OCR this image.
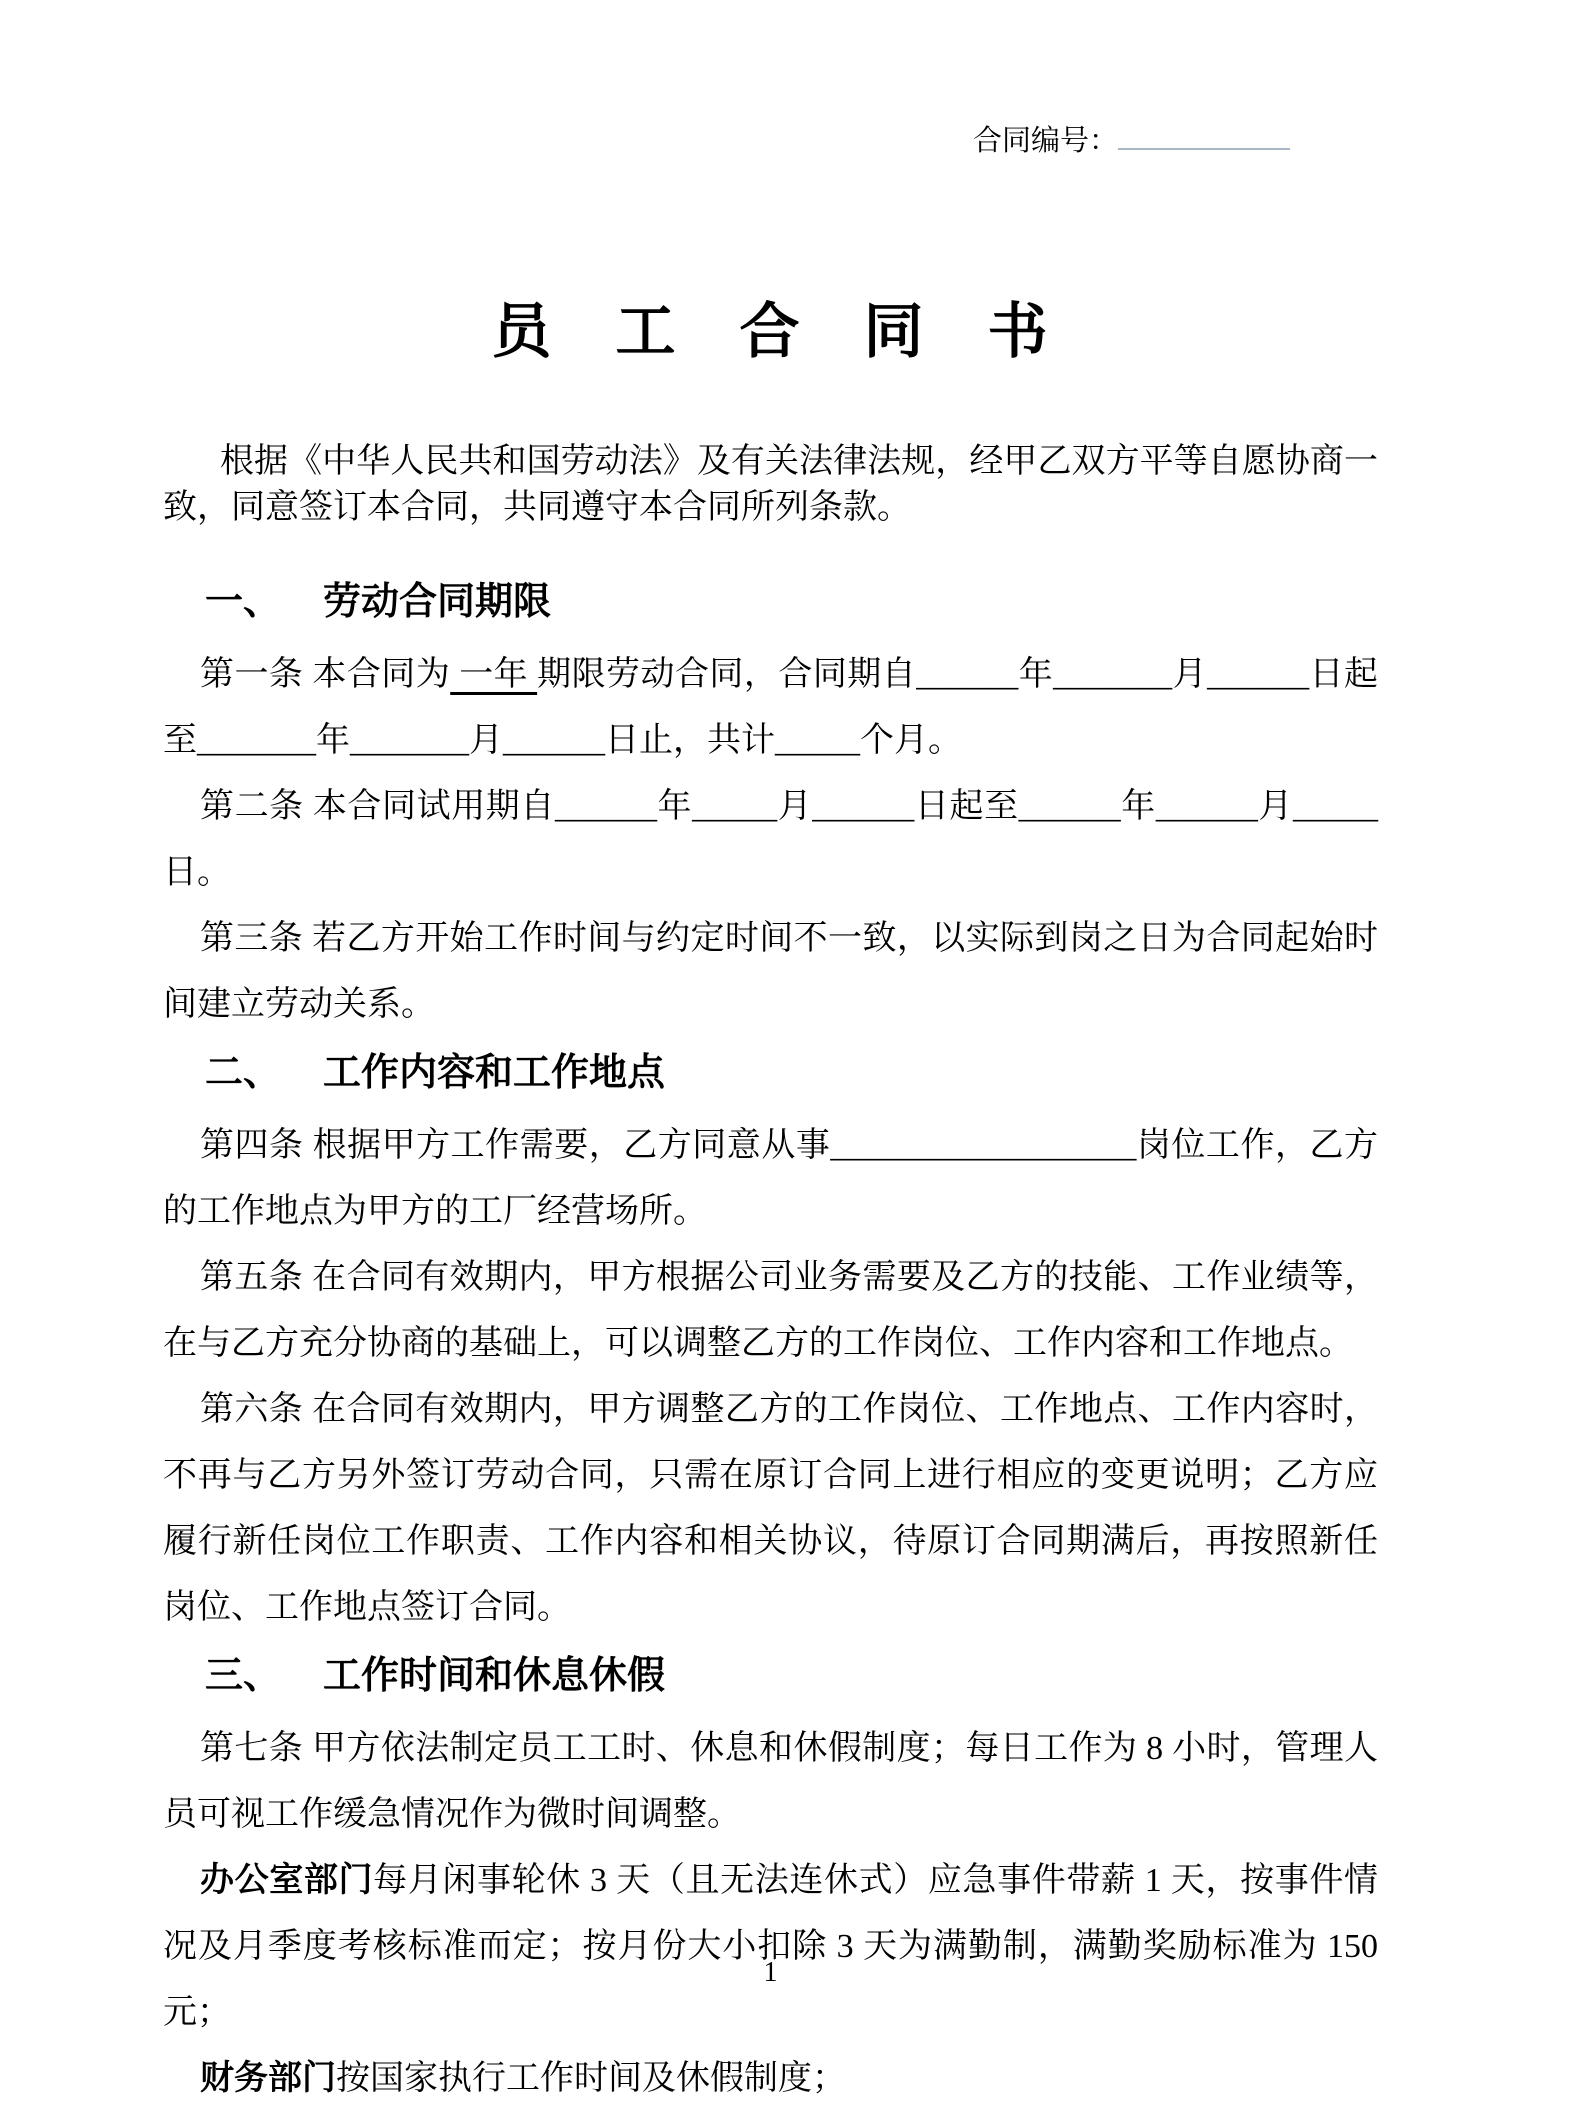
合同编号：
员　工　合　同　书

根据《中华人民共和国劳动法》及有关法律法规，经甲乙双方平等自愿协商一致，同意签订本合同，共同遵守本合同所列条款。

一、 劳动合同期限

第一条 本合同为 一年 期限劳动合同，合同期自______年_______月______日起至_______年_______月______日止，共计_____个月。

第二条 本合同试用期自______年_____月______日起至______年______月_____日。

第三条 若乙方开始工作时间与约定时间不一致，以实际到岗之日为合同起始时间建立劳动关系。

二、 工作内容和工作地点

第四条 根据甲方工作需要，乙方同意从事__________________岗位工作，乙方的工作地点为甲方的工厂经营场所。

第五条 在合同有效期内，甲方根据公司业务需要及乙方的技能、工作业绩等，在与乙方充分协商的基础上，可以调整乙方的工作岗位、工作内容和工作地点。

第六条 在合同有效期内，甲方调整乙方的工作岗位、工作地点、工作内容时，不再与乙方另外签订劳动合同，只需在原订合同上进行相应的变更说明；乙方应履行新任岗位工作职责、工作内容和相关协议，待原订合同期满后，再按照新任岗位、工作地点签订合同。

三、 工作时间和休息休假

第七条 甲方依法制定员工工时、休息和休假制度；每日工作为 8 小时，管理人员可视工作缓急情况作为微时间调整。

办公室部门每月闲事轮休 3 天（且无法连休式）应急事件带薪 1 天，按事件情况及月季度考核标准而定；按月份大小扣除 3 天为满勤制，满勤奖励标准为 150 元；

财务部门按国家执行工作时间及休假制度；

1
